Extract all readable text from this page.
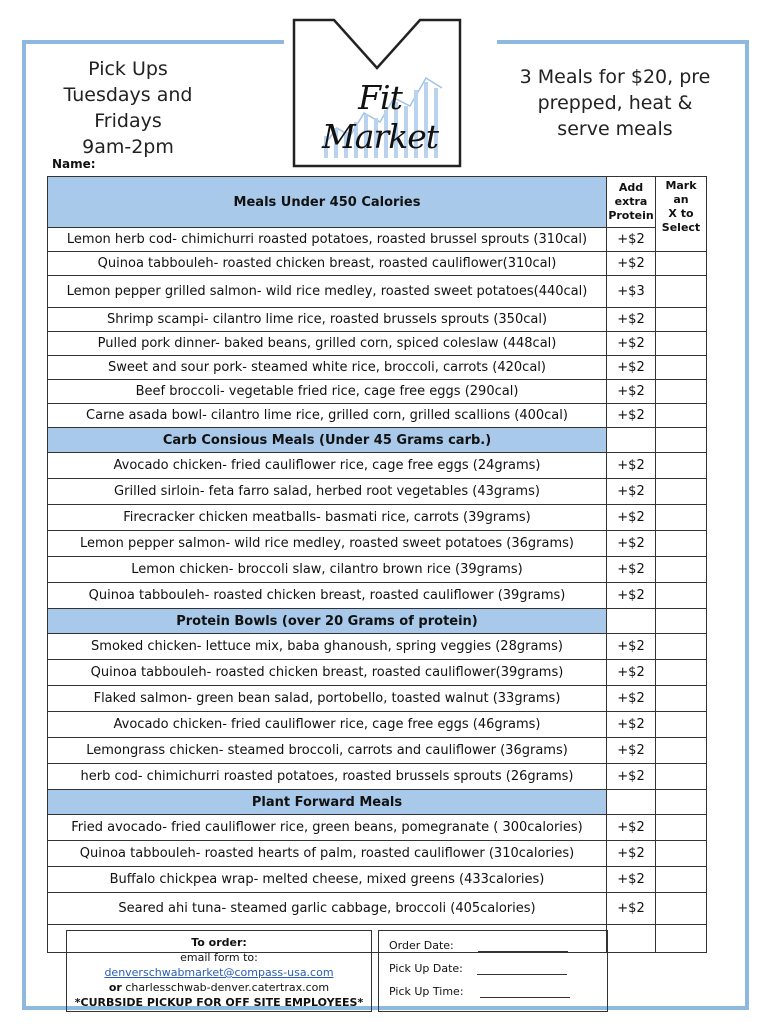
Pick Ups
Tuesdays and Fridays
9am-2pm
Fit Market
3 Meals for $20, pre
prepped, heat &
serve meals
Name:
Meals Under 450 Calories	Add
extra
Protein	Mark an
X to
Select

Lemon herb cod- chimichurri roasted potatoes, roasted brussel sprouts (310cal)	+$2	
Quinoa tabbouleh- roasted chicken breast, roasted cauliflower(310cal)	+$2	
Lemon pepper grilled salmon- wild rice medley, roasted sweet potatoes(440cal)	+$3	
Shrimp scampi- cilantro lime rice, roasted brussels sprouts (350cal)	+$2	
Pulled pork dinner- baked beans, grilled corn, spiced coleslaw (448cal)	+$2	
Sweet and sour pork- steamed white rice, broccoli, carrots (420cal)	+$2	
Beef broccoli- vegetable fried rice, cage free eggs (290cal)	+$2	
Carne asada bowl- cilantro lime rice, grilled corn, grilled scallions (400cal)	+$2	
Carb Consious Meals (Under 45 Grams carb.)		
Avocado chicken- fried cauliflower rice, cage free eggs (24grams)	+$2	
Grilled sirloin- feta farro salad, herbed root vegetables (43grams)	+$2	
Firecracker chicken meatballs- basmati rice, carrots (39grams)	+$2	
Lemon pepper salmon- wild rice medley, roasted sweet potatoes (36grams)	+$2	
Lemon chicken- broccoli slaw, cilantro brown rice (39grams)	+$2	
Quinoa tabbouleh- roasted chicken breast, roasted cauliflower (39grams)	+$2	
Protein Bowls (over 20 Grams of protein)		
Smoked chicken- lettuce mix, baba ghanoush, spring veggies (28grams)	+$2	
Quinoa tabbouleh- roasted chicken breast, roasted cauliflower(39grams)	+$2	
Flaked salmon- green bean salad, portobello, toasted walnut (33grams)	+$2	
Avocado chicken- fried cauliflower rice, cage free eggs (46grams)	+$2	
Lemongrass chicken- steamed broccoli, carrots and cauliflower (36grams)	+$2	
herb cod- chimichurri roasted potatoes, roasted brussels sprouts (26grams)	+$2	
Plant Forward Meals		
Fried avocado- fried cauliflower rice, green beans, pomegranate ( 300calories)	+$2	
Quinoa tabbouleh- roasted hearts of palm, roasted cauliflower (310calories)	+$2	
Buffalo chickpea wrap- melted cheese, mixed greens (433calories)	+$2	
Seared ahi tuna- steamed garlic cabbage, broccoli (405calories)	+$2	

To order:
email form to:
denverschwabmarket@compass-usa.com
or charlesschwab-denver.catertrax.com
*CURBSIDE PICKUP FOR OFF SITE EMPLOYEES*
Order Date:
Pick Up Date:
Pick Up Time:
